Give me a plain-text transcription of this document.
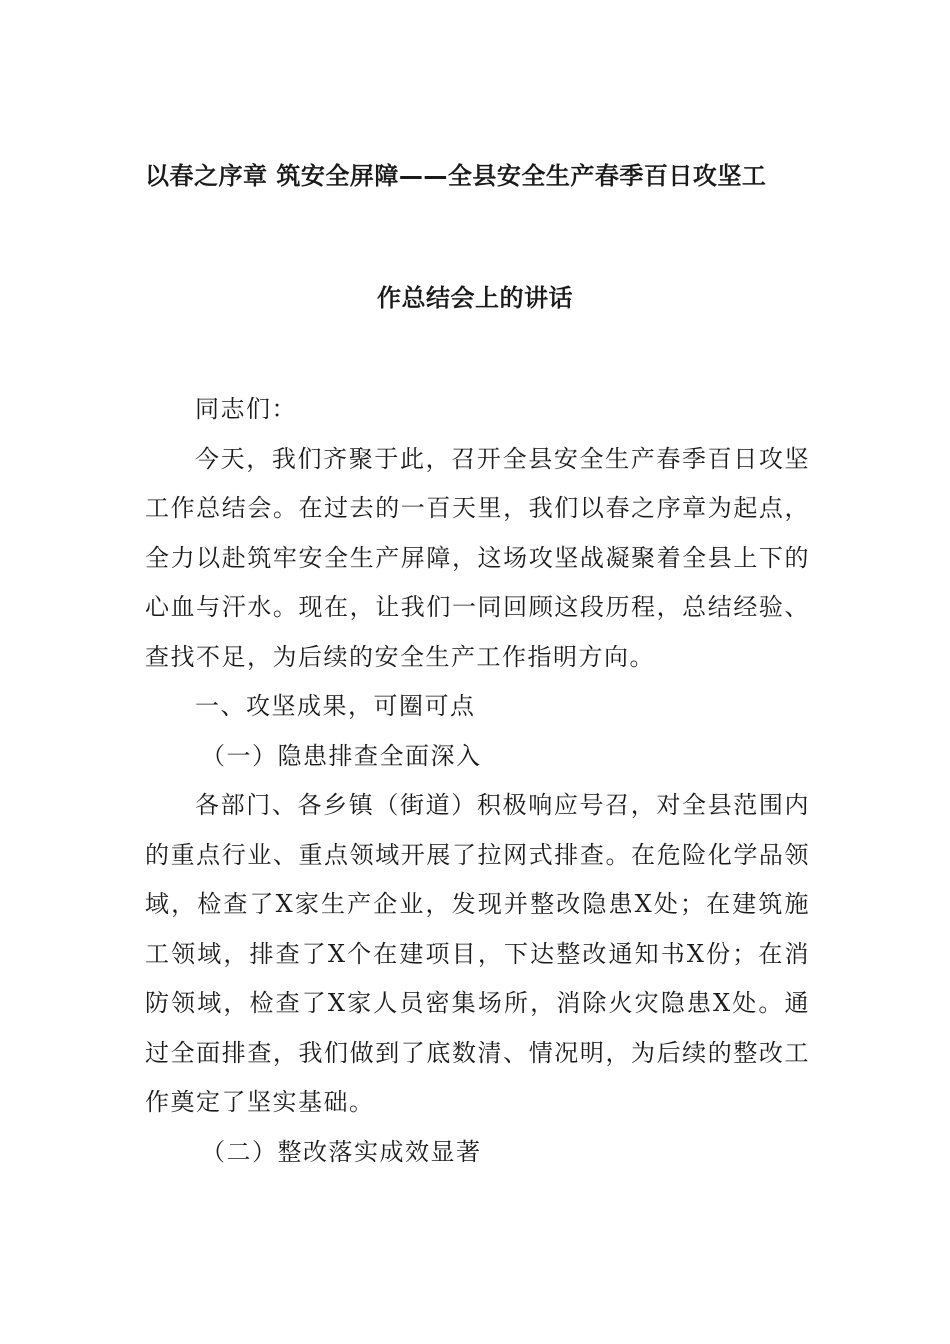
以春之序章 筑安全屏障——全县安全生产春季百日攻坚工
作总结会上的讲话

同志们：

今天，我们齐聚于此，召开全县安全生产春季百日攻坚工作总结会。在过去的一百天里，我们以春之序章为起点，全力以赴筑牢安全生产屏障，这场攻坚战凝聚着全县上下的心血与汗水。现在，让我们一同回顾这段历程，总结经验、查找不足，为后续的安全生产工作指明方向。

一、攻坚成果，可圈可点

（一）隐患排查全面深入

各部门、各乡镇（街道）积极响应号召，对全县范围内的重点行业、重点领域开展了拉网式排查。在危险化学品领域，检查了X家生产企业，发现并整改隐患X处；在建筑施工领域，排查了X个在建项目，下达整改通知书X份；在消防领域，检查了X家人员密集场所，消除火灾隐患X处。通过全面排查，我们做到了底数清、情况明，为后续的整改工作奠定了坚实基础。

（二）整改落实成效显著
